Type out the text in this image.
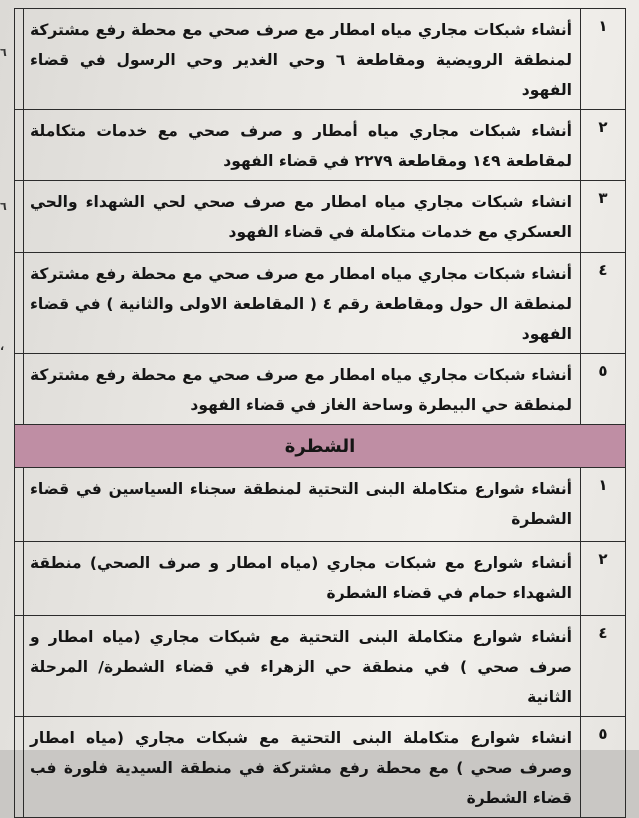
٦
٦
،
١	أنشاء شبكات مجاري مياه امطار مع صرف صحي مع محطة رفع مشتركة لمنطقة الرويضية ومقاطعة ٦ وحي الغدير وحي الرسول في قضاء الفهود	
٢	أنشاء شبكات مجاري مياه أمطار و صرف صحي مع خدمات متكاملة لمقاطعة ١٤٩ ومقاطعة ٢٢٧٩ في قضاء الفهود	
٣	انشاء شبكات مجاري مياه امطار مع صرف صحي لحي الشهداء والحي العسكري مع خدمات متكاملة في قضاء الفهود	
٤	أنشاء شبكات مجاري مياه امطار مع صرف صحي مع محطة رفع مشتركة لمنطقة ال حول ومقاطعة رقم ٤ ( المقاطعة الاولى والثانية ) في قضاء الفهود	
٥	أنشاء شبكات مجاري مياه امطار مع صرف صحي مع محطة رفع مشتركة لمنطقة حي البيطرة وساحة الغاز في قضاء الفهود	
الشطرة		
١	أنشاء شوارع متكاملة البنى التحتية لمنطقة سجناء السياسين في قضاء الشطرة	
٢	أنشاء شوارع مع شبكات مجاري (مياه امطار و صرف الصحي) منطقة الشهداء حمام في قضاء الشطرة	
٤	أنشاء شوارع متكاملة البنى التحتية مع شبكات مجاري (مياه امطار و صرف صحي ) في منطقة حي الزهراء في قضاء الشطرة/ المرحلة الثانية	
٥	انشاء شوارع متكاملة البنى التحتية مع شبكات مجاري (مياه امطار وصرف صحي ) مع محطة رفع مشتركة في منطقة السيدية فلورة فب قضاء الشطرة	
